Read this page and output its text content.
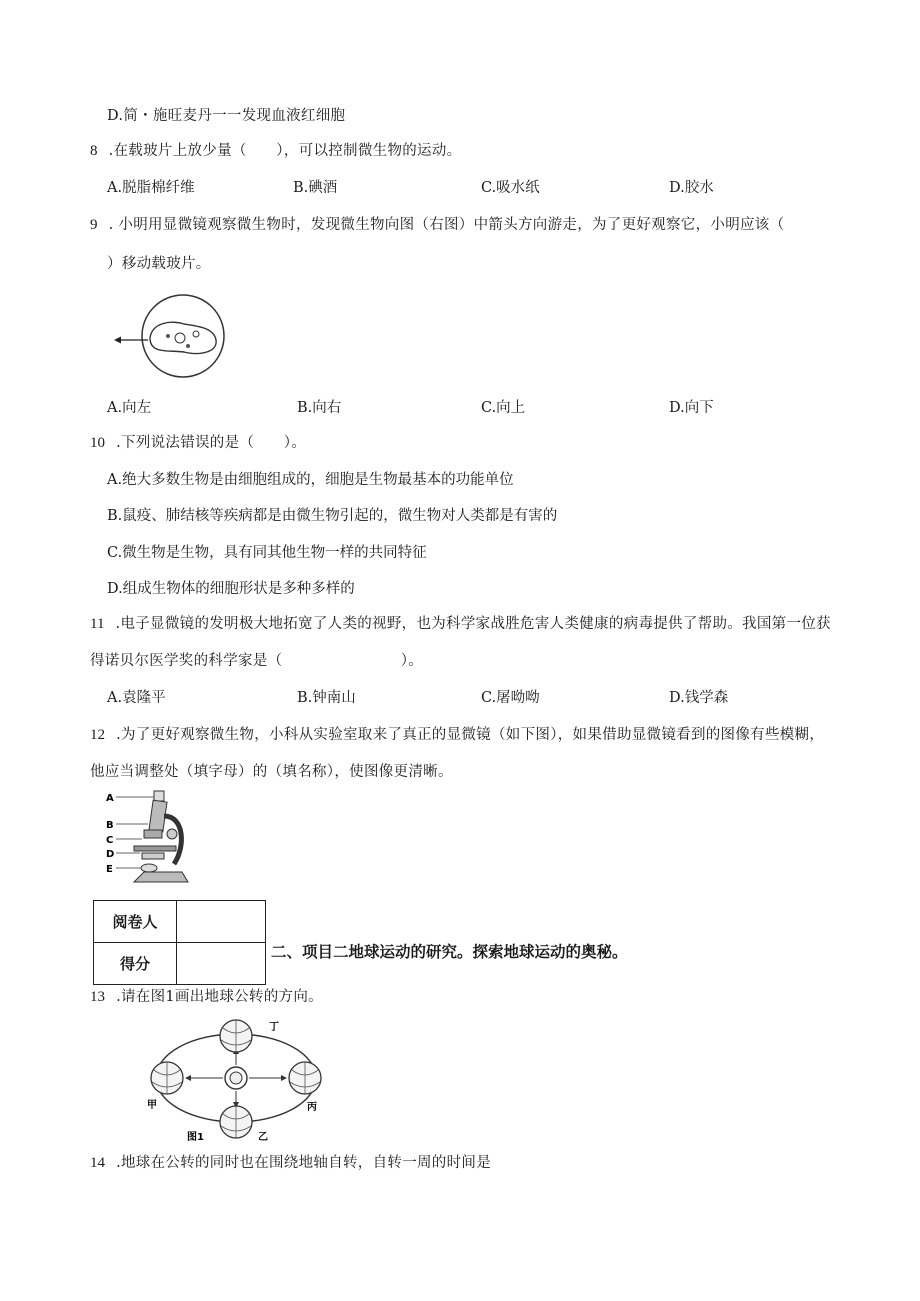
D.简・施旺麦丹一一发现血液红细胞
8 .在载玻片上放少量（　　），可以控制微生物的运动。
A.脱脂棉纤维	B.碘酒	C.吸水纸	D.胶水
9 . 小明用显微镜观察微生物时，发现微生物向图（右图）中箭头方向游走，为了更好观察它，小明应该（
）移动载玻片。
A.向左	B.向右	C.向上	D.向下
10 .下列说法错误的是（　　）。
A.绝大多数生物是由细胞组成的，细胞是生物最基本的功能单位
B.鼠疫、肺结核等疾病都是由微生物引起的，微生物对人类都是有害的
C.微生物是生物，具有同其他生物一样的共同特征
D.组成生物体的细胞形状是多种多样的
11 .电子显微镜的发明极大地拓宽了人类的视野，也为科学家战胜危害人类健康的病毒提供了帮助。我国第一位获
得诺贝尔医学奖的科学家是（　　　　　　　　）。
A.袁隆平	B.钟南山	C.屠呦呦	D.钱学森
12 .为了更好观察微生物，小科从实验室取来了真正的显微镜（如下图），如果借助显微镜看到的图像有些模糊，
他应当调整处（填字母）的（填名称），使图像更清晰。
A
B
C
D
E
阅卷人	
得分	
二、项目二地球运动的研究。探索地球运动的奥秘。
13 .请在图1画出地球公转的方向。
丁
甲	丙
乙
图1
14 .地球在公转的同时也在围绕地轴自转，自转一周的时间是
